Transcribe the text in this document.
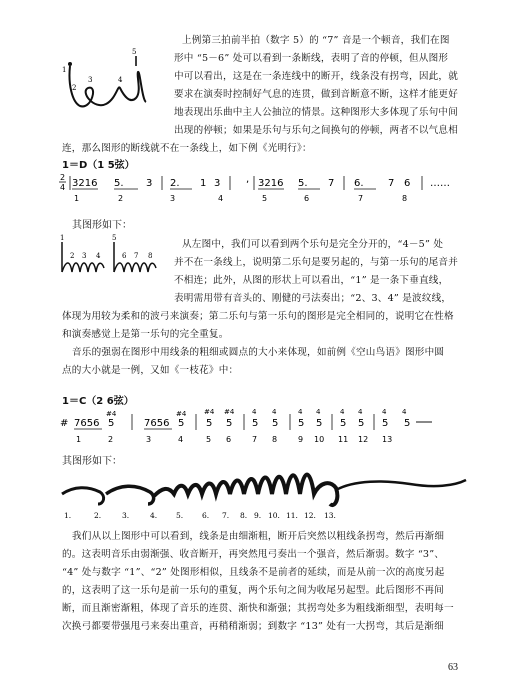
1
2
3	4
5
上例第三拍前半拍（数字 5）的 “7” 音是一个顿音，我们在图
形中 “5－6” 处可以看到一条断线，表明了音的停顿，但从图形
中可以看出，这是在一条连线中的断开，线条没有拐弯，因此，就
要求在演奏时控制好气息的连贯，做到音断意不断，这样才能更好
地表现出乐曲中主人公抽泣的情景。这种图形大多体现了乐句中间
出现的停顿；如果是乐句与乐句之间换句的停顿，两者不以气息相
连，那么图形的断线就不在一条线上，如下例《光明行》：
1＝D（1 5弦）
2
4 3216 5. 3 2. 1 3	, 3216 5. 7 6. 7 6 ……
1	2	3	4	5	6	7	8
其图形如下：
1
2 3 4
5
6 7 8
从左图中，我们可以看到两个乐句是完全分开的，“4－5” 处
并不在一条线上，说明第二乐句是要另起的，与第一乐句的尾音并
不相连；此外，从图的形状上可以看出，“1” 是一条下垂直线，
表明需用带有音头的、刚健的弓法奏出；“2、3、4” 是波纹线，
体现为用较为柔和的波弓来演奏；第二乐句与第一乐句的图形是完全相同的，说明它在性格
和演奏感觉上是第一乐句的完全重复。
音乐的强弱在图形中用线条的粗细或圆点的大小来体现，如前例《空山鸟语》图形中圆
点的大小就是一例，又如《一枝花》中：
1＝C（2 6弦）
# 7656
#4
5	7656
#4
5
#4
5
#4
5
4
5
4
5
4
5
4
5
4
5
4
5
4
5
4
5
1	2	3	4	5 6	7 8	9 10 11 12 13
其图形如下：
1.	2.	3.	4.	5.	6. 7. 8. 9. 10. 11. 12. 13.
我们从以上图形中可以看到，线条是由细渐粗，断开后突然以粗线条拐弯，然后再渐细
的。这表明音乐由弱渐强、收音断开，再突然甩弓奏出一个强音，然后渐弱。数字 “3”、
“4” 处与数字 “1”、“2” 处图形相似，且线条不是前者的延续，而是从前一次的高度另起
的，这表明了这一乐句是前一乐句的重复，两个乐句之间为收尾另起型。此后图形不再间
断，而且渐密渐粗，体现了音乐的连贯、渐快和渐强；其拐弯处多为粗线渐细型，表明每一
次换弓都要带强甩弓来奏出重音，再稍稍渐弱；到数字 “13” 处有一大拐弯，其后是渐细
63
